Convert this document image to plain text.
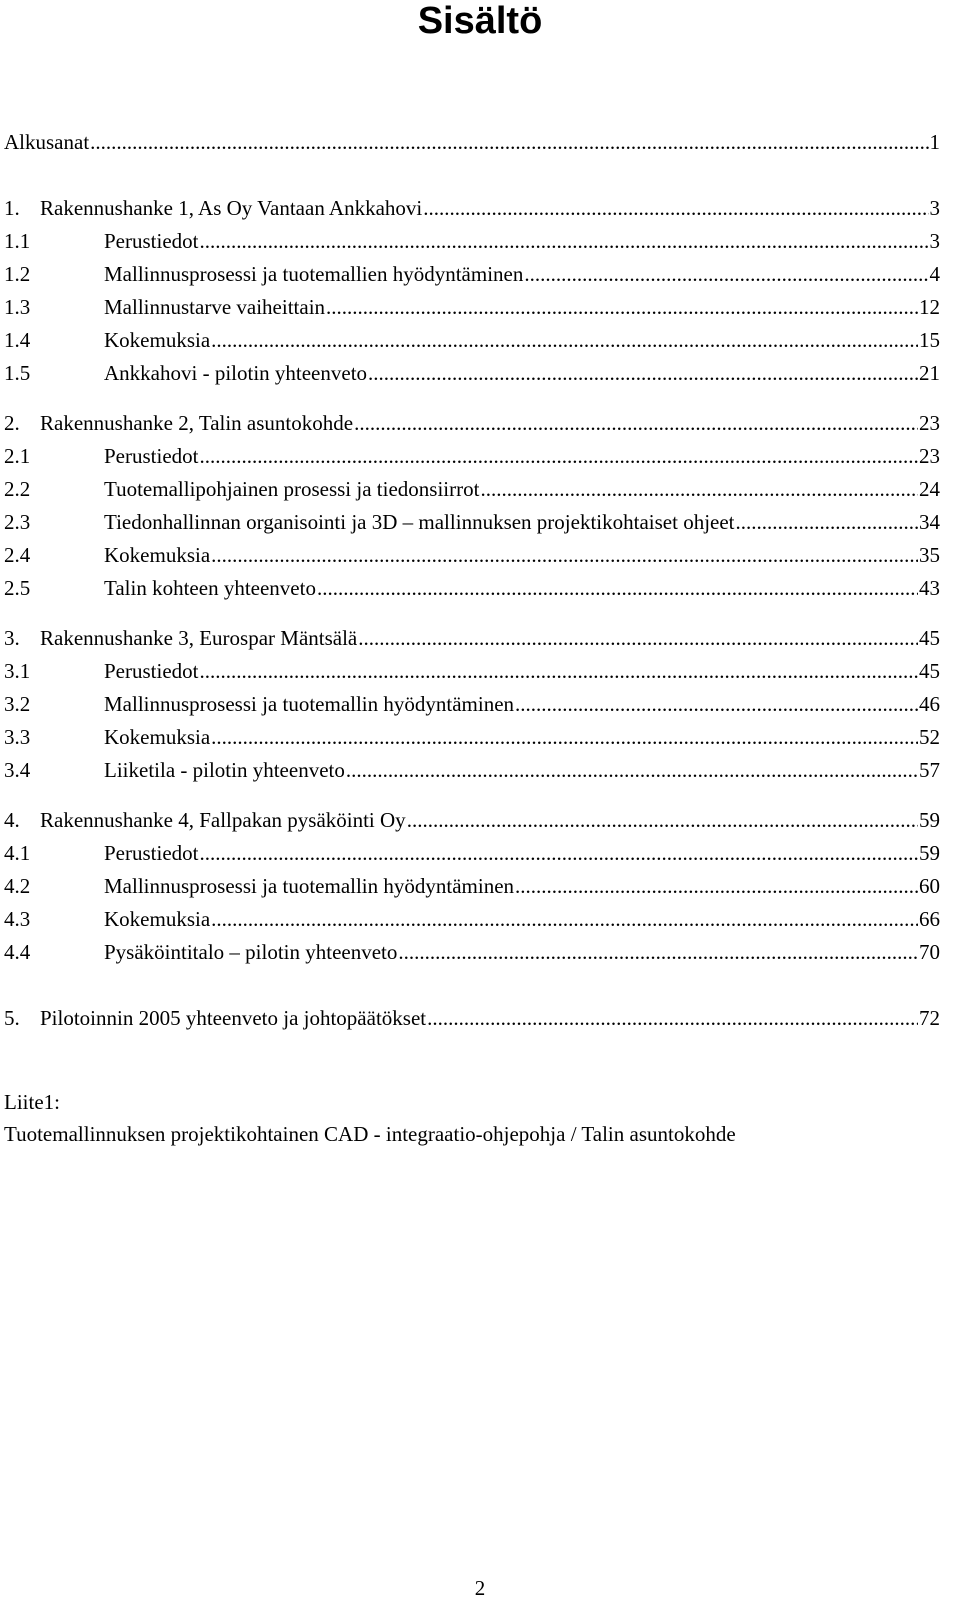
Sisältö
Alkusanat .....	1
1. Rakennushanke 1, As Oy Vantaan Ankkahovi .....	3
1.1	Perustiedot .....	3
1.2	Mallinnusprosessi ja tuotemallien hyödyntäminen .....	4
1.3	Mallinnustarve vaiheittain .....	12
1.4	Kokemuksia .....	15
1.5	Ankkahovi - pilotin yhteenveto .....	21
2. Rakennushanke 2, Talin asuntokohde .....	23
2.1	Perustiedot .....	23
2.2	Tuotemallipohjainen prosessi ja tiedonsiirrot .....	24
2.3	Tiedonhallinnan organisointi ja 3D – mallinnuksen projektikohtaiset ohjeet .....	34
2.4	Kokemuksia .....	35
2.5	Talin kohteen yhteenveto .....	43
3. Rakennushanke 3, Eurospar Mäntsälä .....	45
3.1	Perustiedot .....	45
3.2	Mallinnusprosessi ja tuotemallin hyödyntäminen .....	46
3.3	Kokemuksia .....	52
3.4	Liiketila - pilotin yhteenveto .....	57
4. Rakennushanke 4, Fallpakan pysäköinti Oy .....	59
4.1	Perustiedot .....	59
4.2	Mallinnusprosessi ja tuotemallin hyödyntäminen .....	60
4.3	Kokemuksia .....	66
4.4	Pysäköintitalo – pilotin yhteenveto .....	70
5. Pilotoinnin 2005 yhteenveto ja johtopäätökset .....	72
Liite1:
Tuotemallinnuksen projektikohtainen CAD - integraatio-ohjepohja / Talin asuntokohde
2
